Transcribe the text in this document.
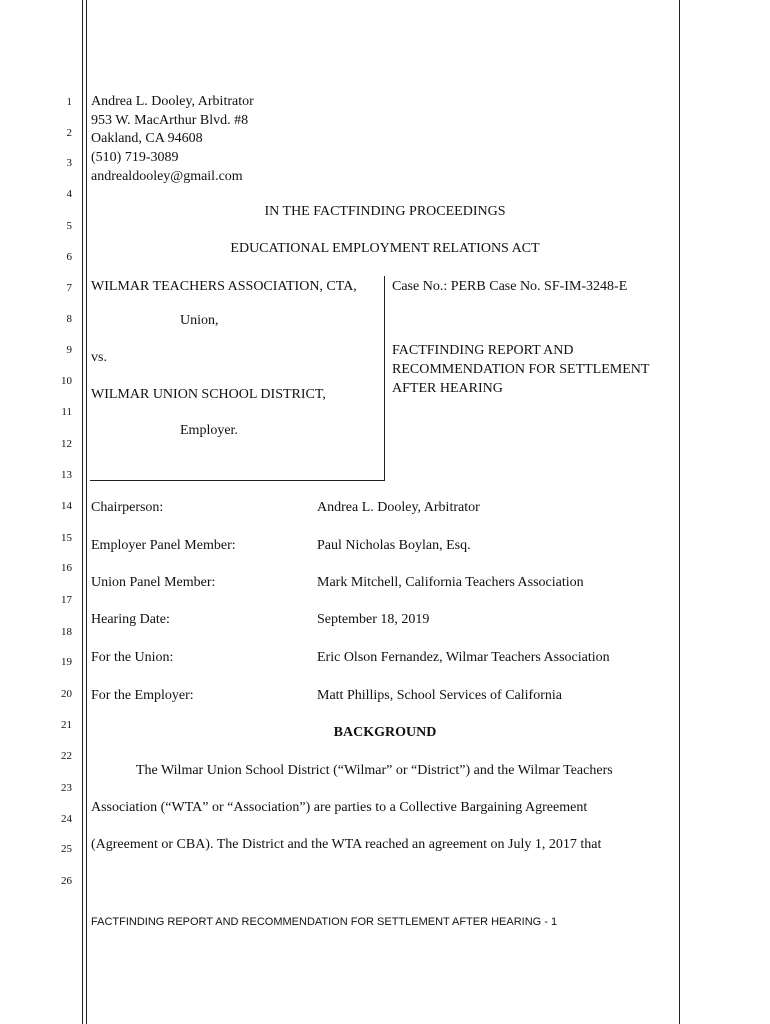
1
2
3
4
5
6
7
8
9
10
11
12
13
14
15
16
17
18
19
20
21
22
23
24
25
26
Andrea L. Dooley, Arbitrator
953 W. MacArthur Blvd. #8
Oakland, CA 94608
(510) 719-3089
andrealdooley@gmail.com
IN THE FACTFINDING PROCEEDINGS
EDUCATIONAL EMPLOYMENT RELATIONS ACT
WILMAR TEACHERS ASSOCIATION, CTA,
Union,
vs.
WILMAR UNION SCHOOL DISTRICT,
Employer.
Case No.: PERB Case No. SF-IM-3248-E
FACTFINDING REPORT AND
RECOMMENDATION FOR SETTLEMENT
AFTER HEARING
Chairperson:	Andrea L. Dooley, Arbitrator
Employer Panel Member:	Paul Nicholas Boylan, Esq.
Union Panel Member:	Mark Mitchell, California Teachers Association
Hearing Date:	September 18, 2019
For the Union:	Eric Olson Fernandez, Wilmar Teachers Association
For the Employer:	Matt Phillips, School Services of California
BACKGROUND
The Wilmar Union School District (“Wilmar” or “District”) and the Wilmar Teachers
Association (“WTA” or “Association”) are parties to a Collective Bargaining Agreement
(Agreement or CBA). The District and the WTA reached an agreement on July 1, 2017 that
FACTFINDING REPORT AND RECOMMENDATION FOR SETTLEMENT AFTER HEARING - 1
